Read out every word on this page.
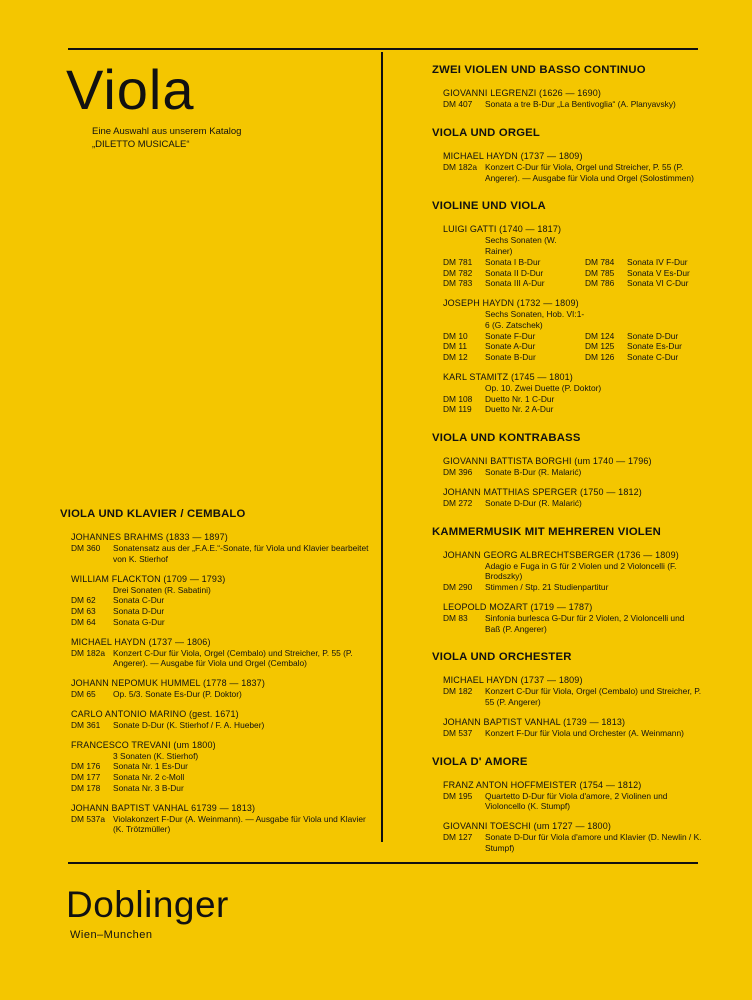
Viola
Eine Auswahl aus unserem Katalog
„DILETTO MUSICALE“
VIOLA UND KLAVIER / CEMBALO
JOHANNES BRAHMS (1833 — 1897)
DM 360	Sonatensatz aus der „F.A.E.“-Sonate, für Viola und Klavier bearbeitet von K. Stierhof
WILLIAM FLACKTON (1709 — 1793)
Drei Sonaten (R. Sabatini)
DM 62	Sonata C-Dur
DM 63	Sonata D-Dur
DM 64	Sonata G-Dur
MICHAEL HAYDN (1737 — 1806)
DM 182a Konzert C-Dur für Viola, Orgel (Cembalo) und Streicher, P. 55 (P. Angerer). — Ausgabe für Viola und Orgel (Cembalo)
JOHANN NEPOMUK HUMMEL (1778 — 1837)
DM 65	Op. 5/3. Sonate Es-Dur (P. Doktor)
CARLO ANTONIO MARINO (gest. 1671)
DM 361	Sonate D-Dur (K. Stierhof / F. A. Hueber)
FRANCESCO TREVANI (um 1800)
3 Sonaten (K. Stierhof)
DM 176	Sonata Nr. 1 Es-Dur
DM 177	Sonata Nr. 2 c-Moll
DM 178	Sonata Nr. 3 B-Dur
JOHANN BAPTIST VANHAL 61739 — 1813)
DM 537a Violakonzert F-Dur (A. Weinmann). — Ausgabe für Viola und Klavier (K. Trötzmüller)
ZWEI VIOLEN UND BASSO CONTINUO
GIOVANNI LEGRENZI (1626 — 1690)
DM 407	Sonata a tre B-Dur „La Bentivoglia“ (A. Planyavsky)
VIOLA UND ORGEL
MICHAEL HAYDN (1737 — 1809)
DM 182a Konzert C-Dur für Viola, Orgel und Streicher, P. 55 (P. Angerer). — Ausgabe für Viola und Orgel (Solostimmen)
VIOLINE UND VIOLA
LUIGI GATTI (1740 — 1817)
Sechs Sonaten (W. Rainer)
DM 781	Sonata I B-Dur	DM 784	Sonata IV F-Dur
DM 782	Sonata II D-Dur	DM 785	Sonata V Es-Dur
DM 783	Sonata III A-Dur	DM 786	Sonata VI C-Dur
JOSEPH HAYDN (1732 — 1809)
Sechs Sonaten, Hob. VI:1-6 (G. Zatschek)
DM 10	Sonate F-Dur	DM 124	Sonate D-Dur
DM 11	Sonate A-Dur	DM 125	Sonate Es-Dur
DM 12	Sonate B-Dur	DM 126	Sonate C-Dur
KARL STAMITZ (1745 — 1801)
Op. 10. Zwei Duette (P. Doktor)
DM 108	Duetto Nr. 1 C-Dur
DM 119	Duetto Nr. 2 A-Dur
VIOLA UND KONTRABASS
GIOVANNI BATTISTA BORGHI (um 1740 — 1796)
DM 396	Sonate B-Dur (R. Malarić)
JOHANN MATTHIAS SPERGER (1750 — 1812)
DM 272	Sonate D-Dur (R. Malarić)
KAMMERMUSIK MIT MEHREREN VIOLEN
JOHANN GEORG ALBRECHTSBERGER (1736 — 1809)
Adagio e Fuga in G für 2 Violen und 2 Violoncelli (F. Brodszky)
DM 290	Stimmen / Stp. 21 Studienpartitur
LEOPOLD MOZART (1719 — 1787)
DM 83	Sinfonia burlesca G-Dur für 2 Violen, 2 Violoncelli und Baß (P. Angerer)
VIOLA UND ORCHESTER
MICHAEL HAYDN (1737 — 1809)
DM 182	Konzert C-Dur für Viola, Orgel (Cembalo) und Streicher, P. 55 (P. Angerer)
JOHANN BAPTIST VANHAL (1739 — 1813)
DM 537	Konzert F-Dur für Viola und Orchester (A. Weinmann)
VIOLA D' AMORE
FRANZ ANTON HOFFMEISTER (1754 — 1812)
DM 195	Quartetto D-Dur für Viola d'amore, 2 Violinen und Violoncello (K. Stumpf)
GIOVANNI TOESCHI (um 1727 — 1800)
DM 127	Sonate D-Dur für Viola d'amore und Klavier (D. Newlin / K. Stumpf)
Doblinger
Wien–Munchen
